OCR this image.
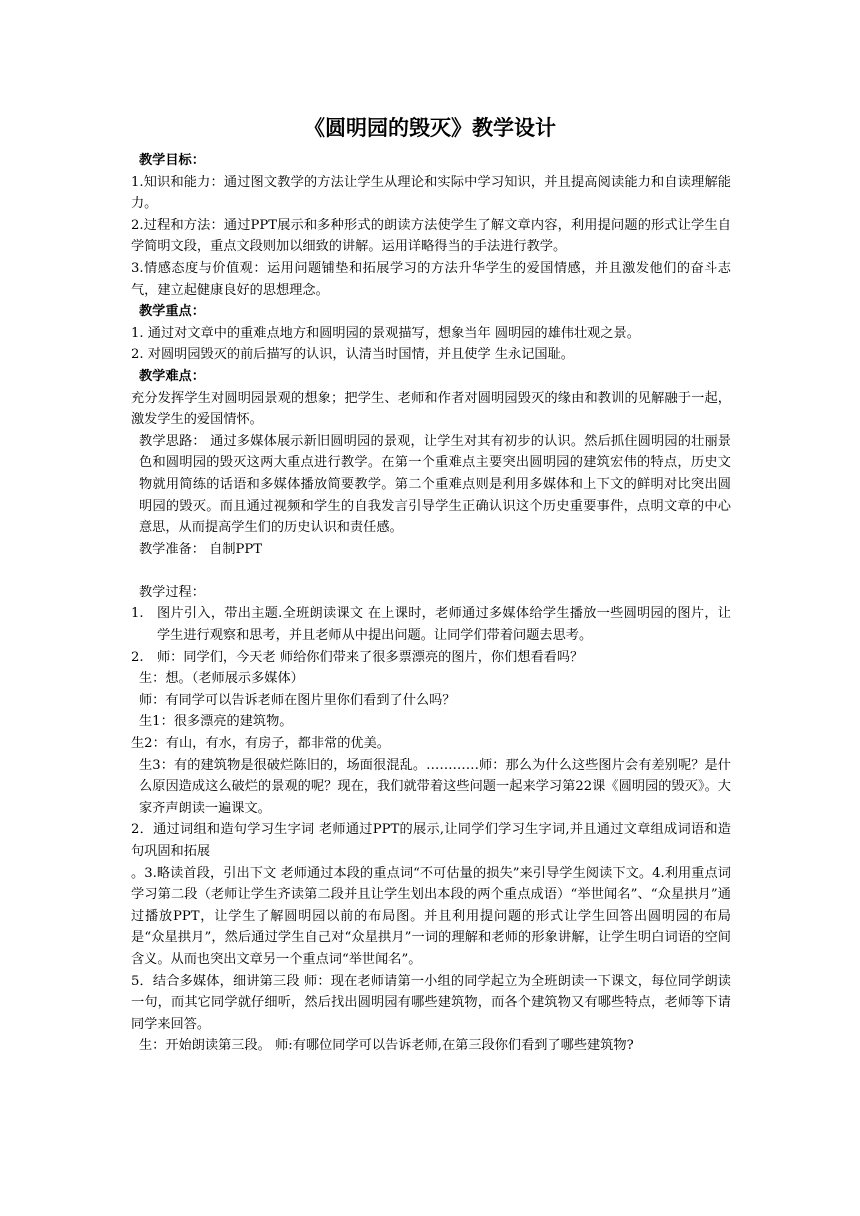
《圆明园的毁灭》教学设计

教学目标：

1.知识和能力：通过图文教学的方法让学生从理论和实际中学习知识，并且提高阅读能力和自读理解能力。

2.过程和方法：通过PPT展示和多种形式的朗读方法使学生了解文章内容，利用提问题的形式让学生自学简明文段，重点文段则加以细致的讲解。运用详略得当的手法进行教学。

3.情感态度与价值观：运用问题铺垫和拓展学习的方法升华学生的爱国情感，并且激发他们的奋斗志气，建立起健康良好的思想理念。

教学重点：

1. 通过对文章中的重难点地方和圆明园的景观描写，想象当年 圆明园的雄伟壮观之景。

2. 对圆明园毁灭的前后描写的认识，认清当时国情，并且使学 生永记国耻。

教学难点：

充分发挥学生对圆明园景观的想象；把学生、老师和作者对圆明园毁灭的缘由和教训的见解融于一起，激发学生的爱国情怀。

教学思路： 通过多媒体展示新旧圆明园的景观，让学生对其有初步的认识。然后抓住圆明园的壮丽景色和圆明园的毁灭这两大重点进行教学。在第一个重难点主要突出圆明园的建筑宏伟的特点，历史文物就用简练的话语和多媒体播放简要教学。第二个重难点则是利用多媒体和上下文的鲜明对比突出圆明园的毁灭。而且通过视频和学生的自我发言引导学生正确认识这个历史重要事件，点明文章的中心意思，从而提高学生们的历史认识和责任感。

教学准备： 自制PPT

教学过程：

1.	图片引入，带出主题.全班朗读课文 在上课时，老师通过多媒体给学生播放一些圆明园的图片，让学生进行观察和思考，并且老师从中提出问题。让同学们带着问题去思考。
2.	师：同学们，今天老 师给你们带来了很多票漂亮的图片，你们想看看吗？

生：想。（老师展示多媒体）

师：有同学可以告诉老师在图片里你们看到了什么吗？

生1：很多漂亮的建筑物。

生2：有山，有水，有房子，都非常的优美。

生3：有的建筑物是很破烂陈旧的，场面很混乱。…………师：那么为什么这些图片会有差别呢？是什么原因造成这么破烂的景观的呢？现在，我们就带着这些问题一起来学习第22课《圆明园的毁灭》。大家齐声朗读一遍课文。

2．通过词组和造句学习生字词 老师通过PPT的展示,让同学们学习生字词,并且通过文章组成词语和造句巩固和拓展

。3.略读首段，引出下文 老师通过本段的重点词“不可估量的损失”来引导学生阅读下文。4.利用重点词学习第二段（老师让学生齐读第二段并且让学生划出本段的两个重点成语）“举世闻名”、“众星拱月”通过播放PPT，让学生了解圆明园以前的布局图。并且利用提问题的形式让学生回答出圆明园的布局是“众星拱月”，然后通过学生自己对“众星拱月”一词的理解和老师的形象讲解，让学生明白词语的空间含义。从而也突出文章另一个重点词“举世闻名”。

5．结合多媒体，细讲第三段 师：现在老师请第一小组的同学起立为全班朗读一下课文，每位同学朗读一句，而其它同学就仔细听，然后找出圆明园有哪些建筑物，而各个建筑物又有哪些特点，老师等下请同学来回答。

生：开始朗读第三段。 师:有哪位同学可以告诉老师,在第三段你们看到了哪些建筑物?
